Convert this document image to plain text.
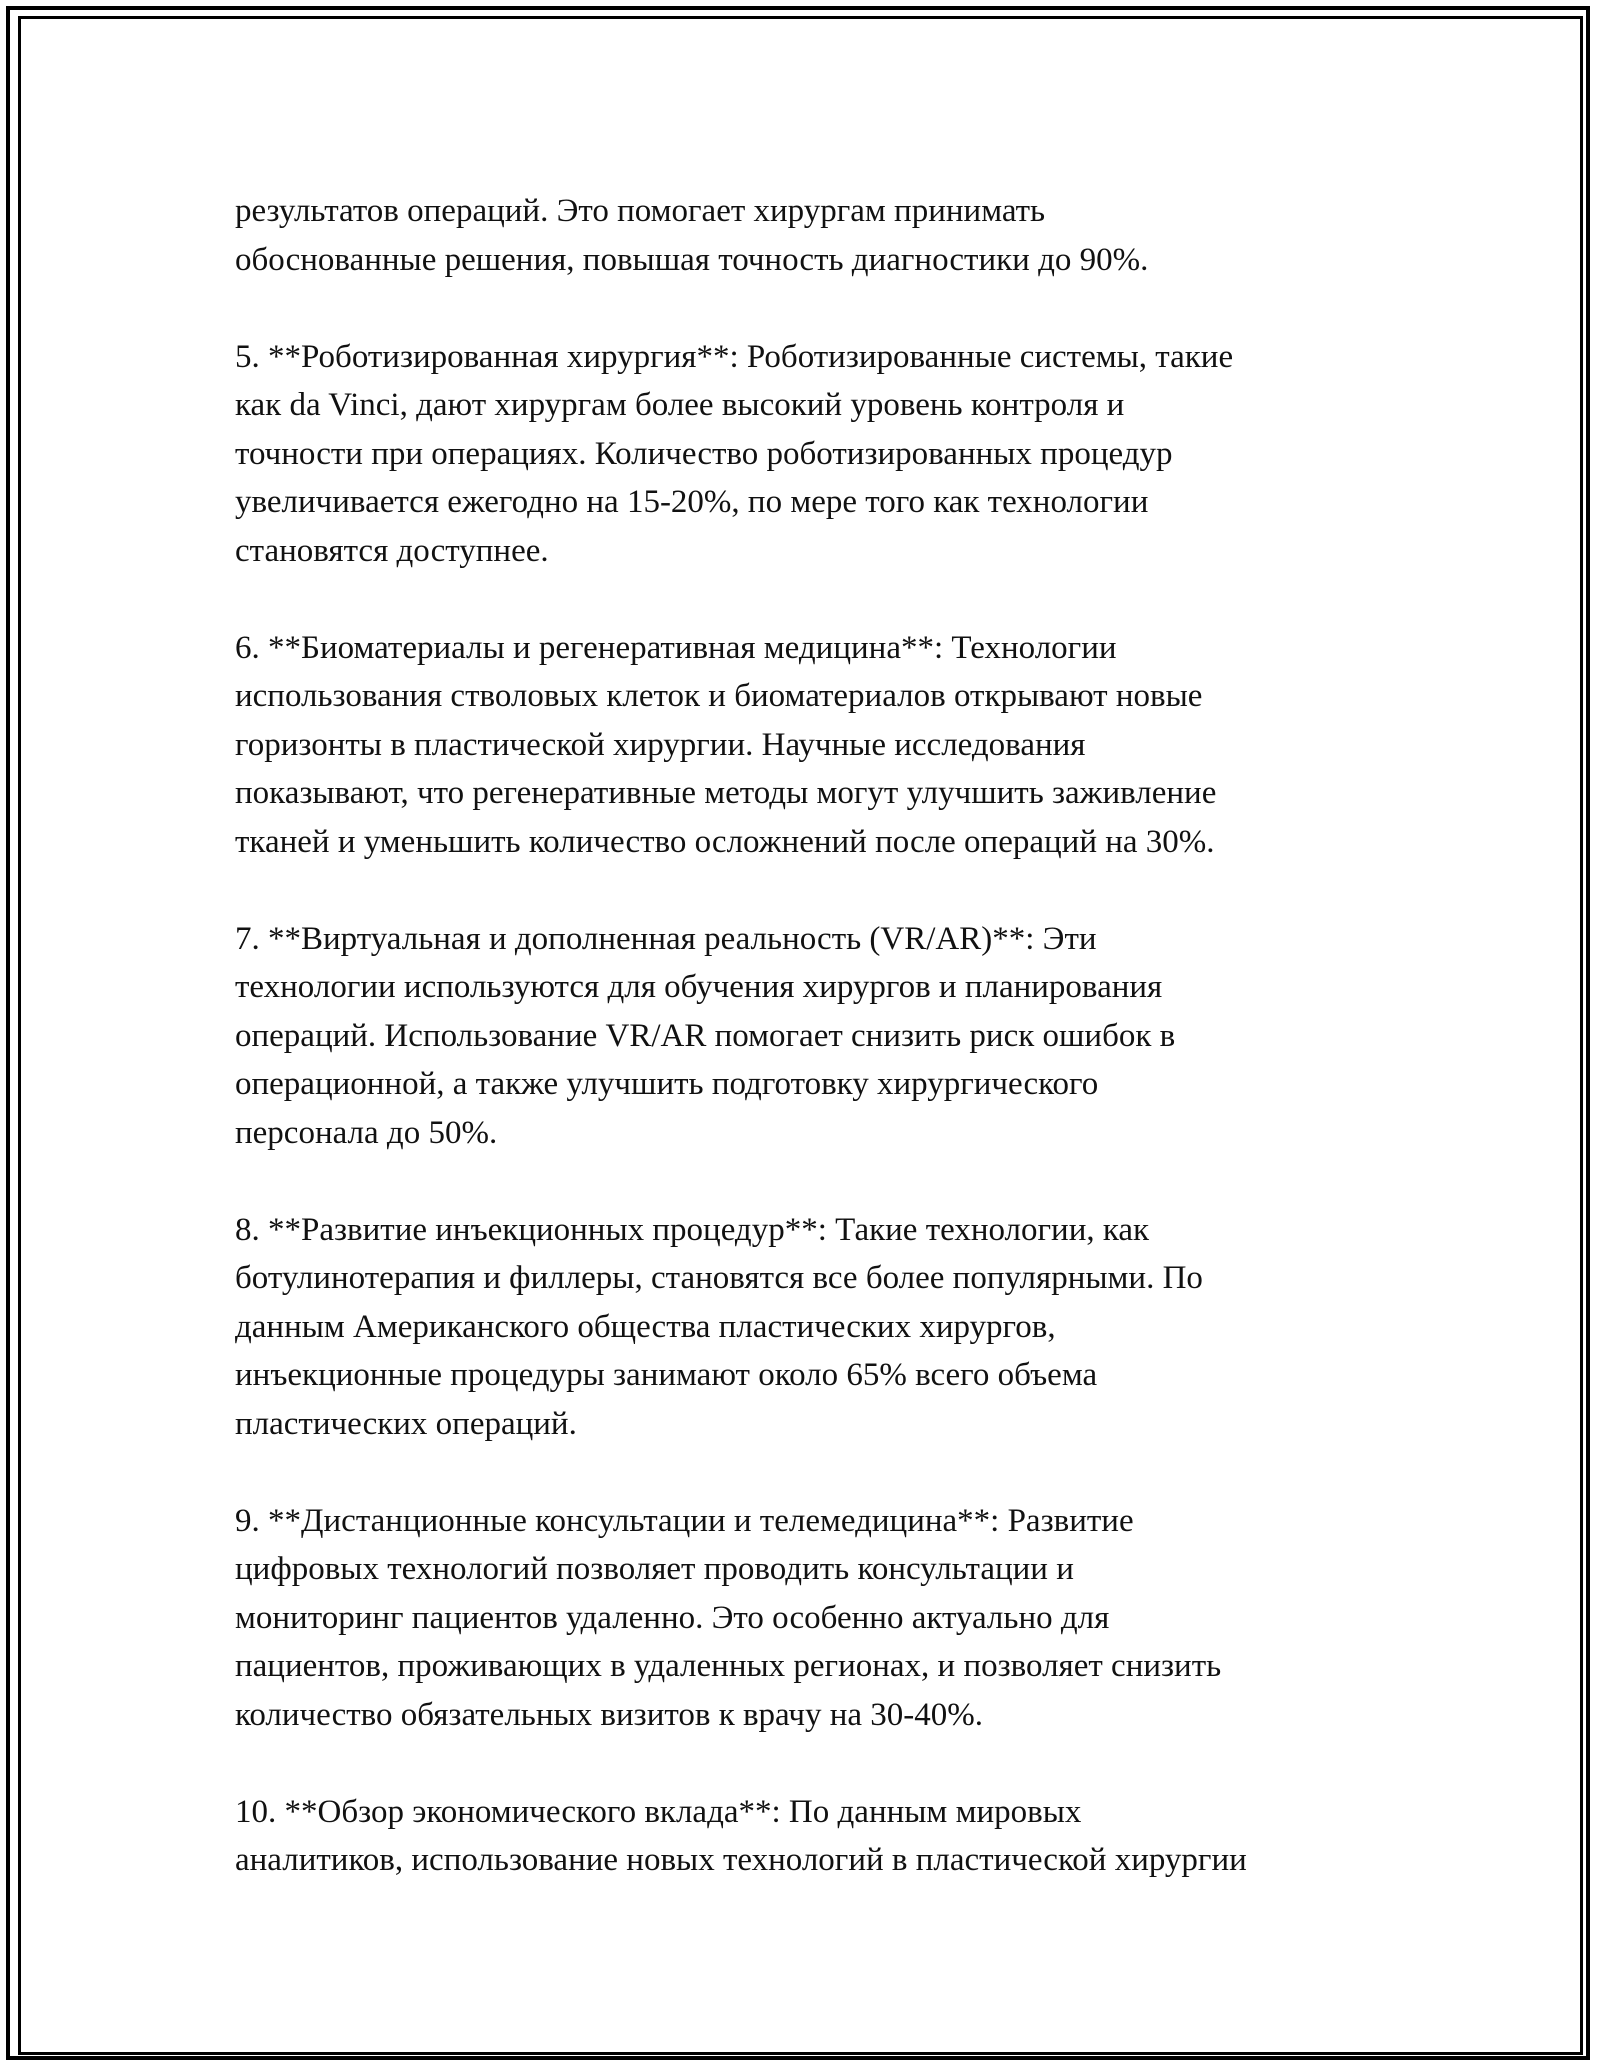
результатов операций. Это помогает хирургам принимать
обоснованные решения, повышая точность диагностики до 90%.

5. **Роботизированная хирургия**: Роботизированные системы, такие
как da Vinci, дают хирургам более высокий уровень контроля и
точности при операциях. Количество роботизированных процедур
увеличивается ежегодно на 15-20%, по мере того как технологии
становятся доступнее.

6. **Биоматериалы и регенеративная медицина**: Технологии
использования стволовых клеток и биоматериалов открывают новые
горизонты в пластической хирургии. Научные исследования
показывают, что регенеративные методы могут улучшить заживление
тканей и уменьшить количество осложнений после операций на 30%.

7. **Виртуальная и дополненная реальность (VR/AR)**: Эти
технологии используются для обучения хирургов и планирования
операций. Использование VR/AR помогает снизить риск ошибок в
операционной, а также улучшить подготовку хирургического
персонала до 50%.

8. **Развитие инъекционных процедур**: Такие технологии, как
ботулинотерапия и филлеры, становятся все более популярными. По
данным Американского общества пластических хирургов,
инъекционные процедуры занимают около 65% всего объема
пластических операций.

9. **Дистанционные консультации и телемедицина**: Развитие
цифровых технологий позволяет проводить консультации и
мониторинг пациентов удаленно. Это особенно актуально для
пациентов, проживающих в удаленных регионах, и позволяет снизить
количество обязательных визитов к врачу на 30-40%.

10. **Обзор экономического вклада**: По данным мировых
аналитиков, использование новых технологий в пластической хирургии
